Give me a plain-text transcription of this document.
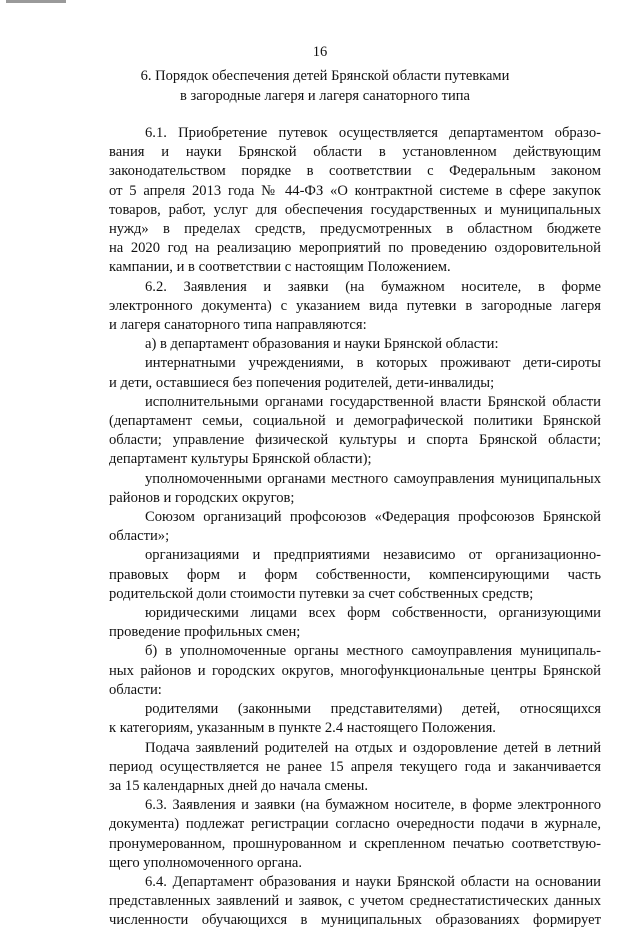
16
6. Порядок обеспечения детей Брянской области путевками
в загородные лагеря и лагеря санаторного типа
6.1. Приобретение путевок осуществляется департаментом образо-
вания и науки Брянской области в установленном действующим
законодательством порядке в соответствии с Федеральным законом
от 5 апреля 2013 года № 44-ФЗ «О контрактной системе в сфере закупок
товаров, работ, услуг для обеспечения государственных и муниципальных
нужд» в пределах средств, предусмотренных в областном бюджете
на 2020 год на реализацию мероприятий по проведению оздоровительной
кампании, и в соответствии с настоящим Положением.
6.2. Заявления и заявки (на бумажном носителе, в форме
электронного документа) с указанием вида путевки в загородные лагеря
и лагеря санаторного типа направляются:
а) в департамент образования и науки Брянской области:
интернатными учреждениями, в которых проживают дети-сироты
и дети, оставшиеся без попечения родителей, дети-инвалиды;
исполнительными органами государственной власти Брянской области
(департамент семьи, социальной и демографической политики Брянской
области; управление физической культуры и спорта Брянской области;
департамент культуры Брянской области);
уполномоченными органами местного самоуправления муниципальных
районов и городских округов;
Союзом организаций профсоюзов «Федерация профсоюзов Брянской
области»;
организациями и предприятиями независимо от организационно-
правовых форм и форм собственности, компенсирующими часть
родительской доли стоимости путевки за счет собственных средств;
юридическими лицами всех форм собственности, организующими
проведение профильных смен;
б) в уполномоченные органы местного самоуправления муниципаль-
ных районов и городских округов, многофункциональные центры Брянской
области:
родителями (законными представителями) детей, относящихся
к категориям, указанным в пункте 2.4 настоящего Положения.
Подача заявлений родителей на отдых и оздоровление детей в летний
период осуществляется не ранее 15 апреля текущего года и заканчивается
за 15 календарных дней до начала смены.
6.3. Заявления и заявки (на бумажном носителе, в форме электронного
документа) подлежат регистрации согласно очередности подачи в журнале,
пронумерованном, прошнурованном и скрепленном печатью соответствую-
щего уполномоченного органа.
6.4. Департамент образования и науки Брянской области на основании
представленных заявлений и заявок, с учетом среднестатистических данных
численности обучающихся в муниципальных образованиях формирует
